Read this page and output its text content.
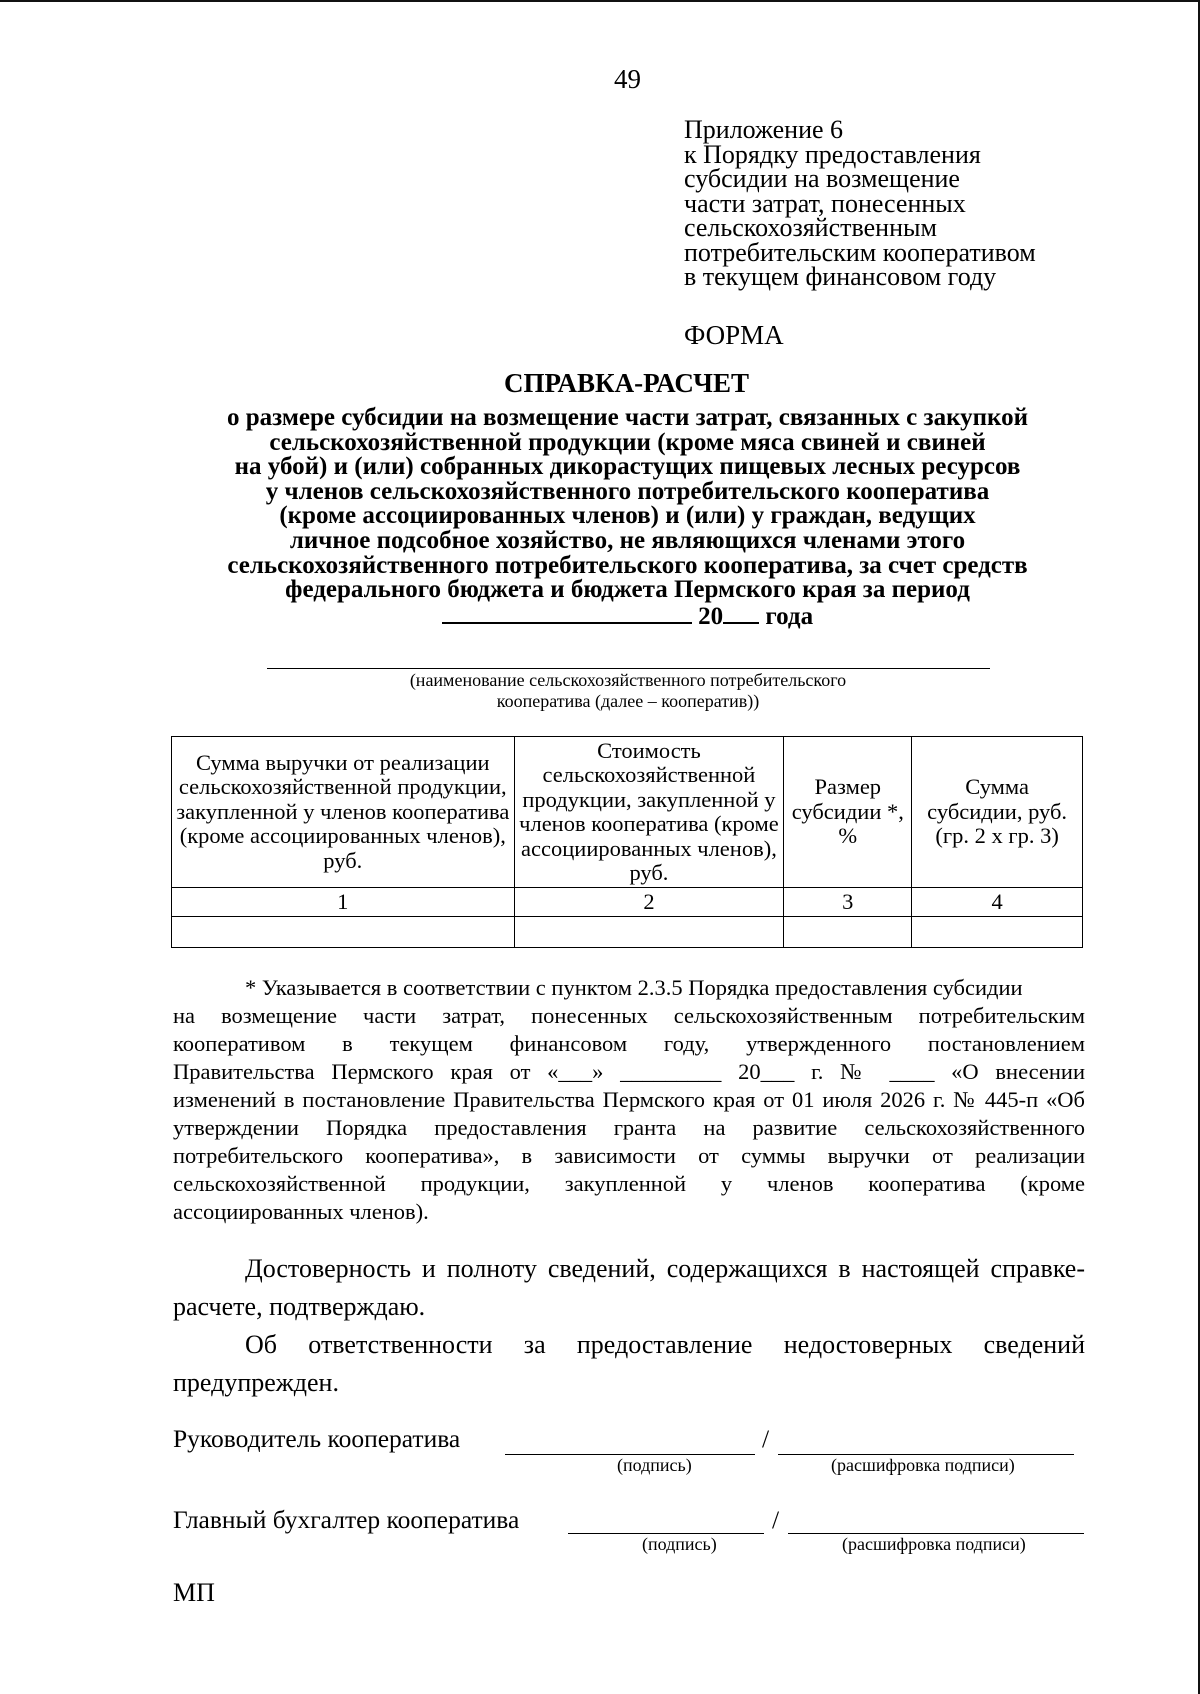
49
Приложение 6
к Порядку предоставления
субсидии на возмещение
части затрат, понесенных
сельскохозяйственным
потребительским кооперативом
в текущем финансовом году
ФОРМА
СПРАВКА-РАСЧЕТ
о размере субсидии на возмещение части затрат, связанных с закупкой
сельскохозяйственной продукции (кроме мяса свиней и свиней
на убой) и (или) собранных дикорастущих пищевых лесных ресурсов
у членов сельскохозяйственного потребительского кооператива
(кроме ассоциированных членов) и (или) у граждан, ведущих
личное подсобное хозяйство, не являющихся членами этого
сельскохозяйственного потребительского кооператива, за счет средств
федерального бюджета и бюджета Пермского края за период
20 года
(наименование сельскохозяйственного потребительского
кооператива (далее – кооператив))
Сумма выручки от реализации сельскохозяйственной продукции, закупленной у членов кооператива (кроме ассоциированных членов), руб.	Стоимость сельскохозяйственной продукции, закупленной у членов кооператива (кроме ассоциированных членов), руб.	Размер субсидии *, %	Сумма субсидии, руб. (гр. 2 х гр. 3)
1	2	3	4

* Указывается в соответствии с пунктом 2.3.5 Порядка предоставления субсидии

на возмещение части затрат, понесенных сельскохозяйственным потребительским

кооперативом в текущем финансовом году, утвержденного постановлением

Правительства Пермского края от «___» _________ 20___ г. № ____ «О внесении

изменений в постановление Правительства Пермского края от 01 июля 2026 г. № 445-п «Об утверждении Порядка предоставления гранта на развитие сельскохозяйственного потребительского кооператива», в зависимости от суммы выручки от реализации сельскохозяйственной продукции, закупленной у членов кооператива (кроме ассоциированных членов).

Достоверность и полноту сведений, содержащихся в настоящей справке-расчете, подтверждаю.

Об ответственности за предоставление недостоверных сведений предупрежден.

Руководитель кооператива	/
(подпись)	(расшифровка подписи)
Главный бухгалтер кооператива	/
(подпись)	(расшифровка подписи)
МП
